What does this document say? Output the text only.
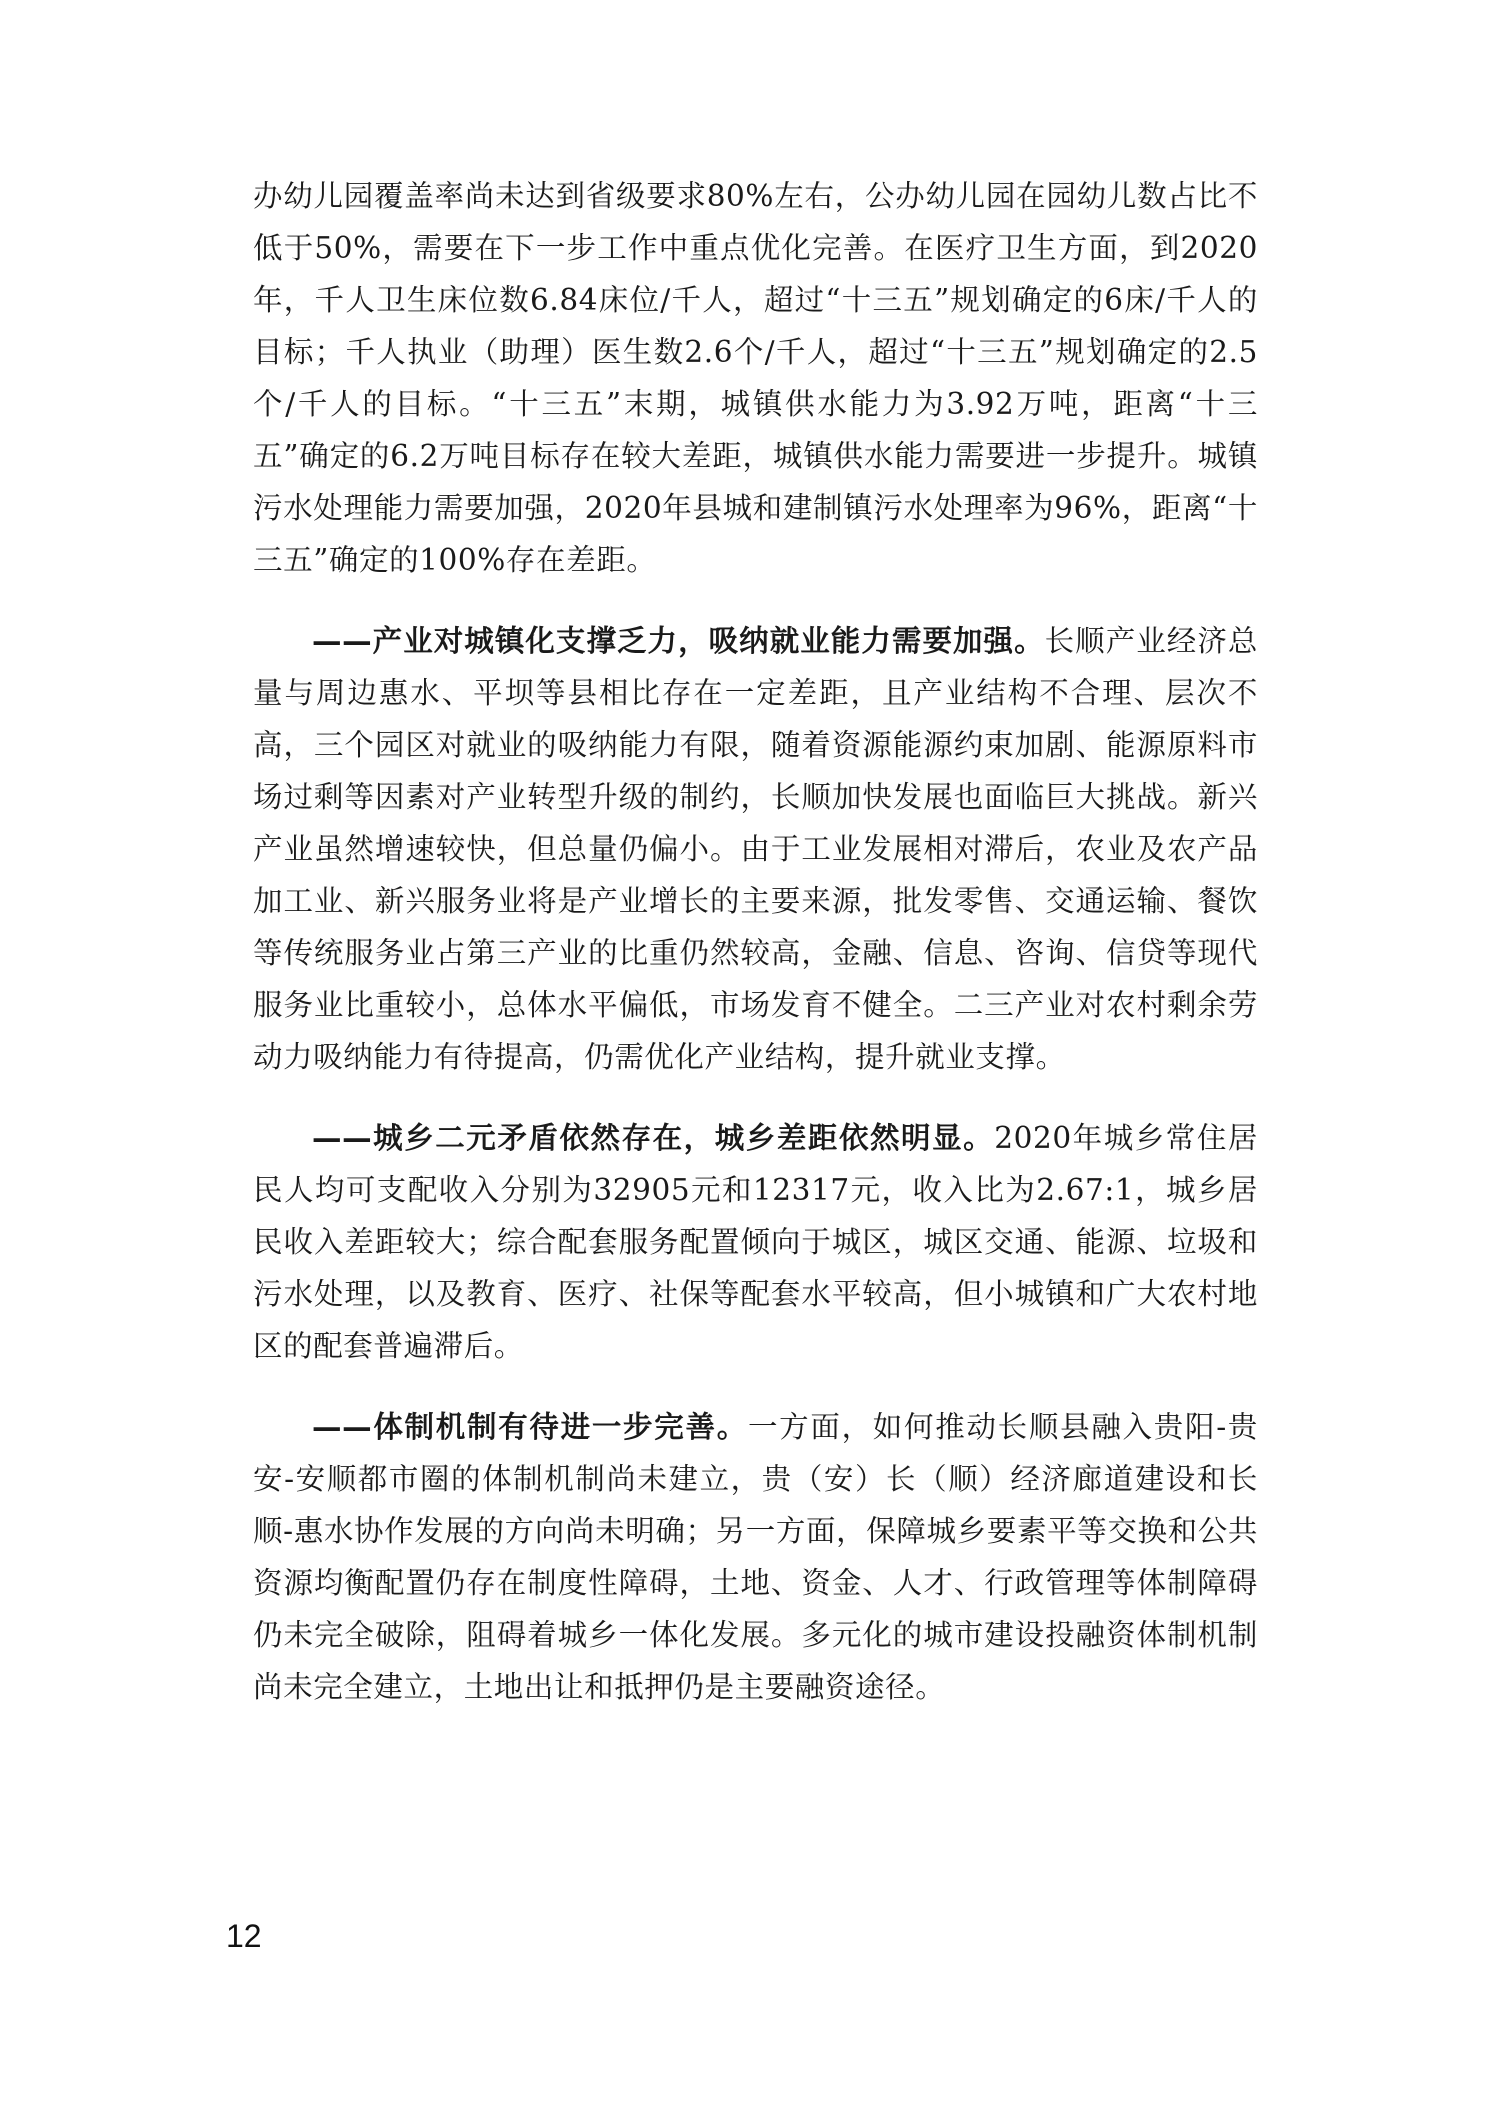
办幼儿园覆盖率尚未达到省级要求80%左右，公办幼儿园在园幼儿数占比不低于50%，需要在下一步工作中重点优化完善。在医疗卫生方面，到2020年，千人卫生床位数6.84床位/千人，超过“十三五”规划确定的6床/千人的目标；千人执业（助理）医生数2.6个/千人，超过“十三五”规划确定的2.5个/千人的目标。“十三五”末期，城镇供水能力为3.92万吨，距离“十三五”确定的6.2万吨目标存在较大差距，城镇供水能力需要进一步提升。城镇污水处理能力需要加强，2020年县城和建制镇污水处理率为96%，距离“十三五”确定的100%存在差距。

——产业对城镇化支撑乏力，吸纳就业能力需要加强。长顺产业经济总量与周边惠水、平坝等县相比存在一定差距，且产业结构不合理、层次不高，三个园区对就业的吸纳能力有限，随着资源能源约束加剧、能源原料市场过剩等因素对产业转型升级的制约，长顺加快发展也面临巨大挑战。新兴产业虽然增速较快，但总量仍偏小。由于工业发展相对滞后，农业及农产品加工业、新兴服务业将是产业增长的主要来源，批发零售、交通运输、餐饮等传统服务业占第三产业的比重仍然较高，金融、信息、咨询、信贷等现代服务业比重较小，总体水平偏低，市场发育不健全。二三产业对农村剩余劳动力吸纳能力有待提高，仍需优化产业结构，提升就业支撑。

——城乡二元矛盾依然存在，城乡差距依然明显。2020年城乡常住居民人均可支配收入分别为32905元和12317元，收入比为2.67:1，城乡居民收入差距较大；综合配套服务配置倾向于城区，城区交通、能源、垃圾和污水处理，以及教育、医疗、社保等配套水平较高，但小城镇和广大农村地区的配套普遍滞后。

——体制机制有待进一步完善。一方面，如何推动长顺县融入贵阳-贵安-安顺都市圈的体制机制尚未建立，贵（安）长（顺）经济廊道建设和长顺-惠水协作发展的方向尚未明确；另一方面，保障城乡要素平等交换和公共资源均衡配置仍存在制度性障碍，土地、资金、人才、行政管理等体制障碍仍未完全破除，阻碍着城乡一体化发展。多元化的城市建设投融资体制机制尚未完全建立，土地出让和抵押仍是主要融资途径。

12
